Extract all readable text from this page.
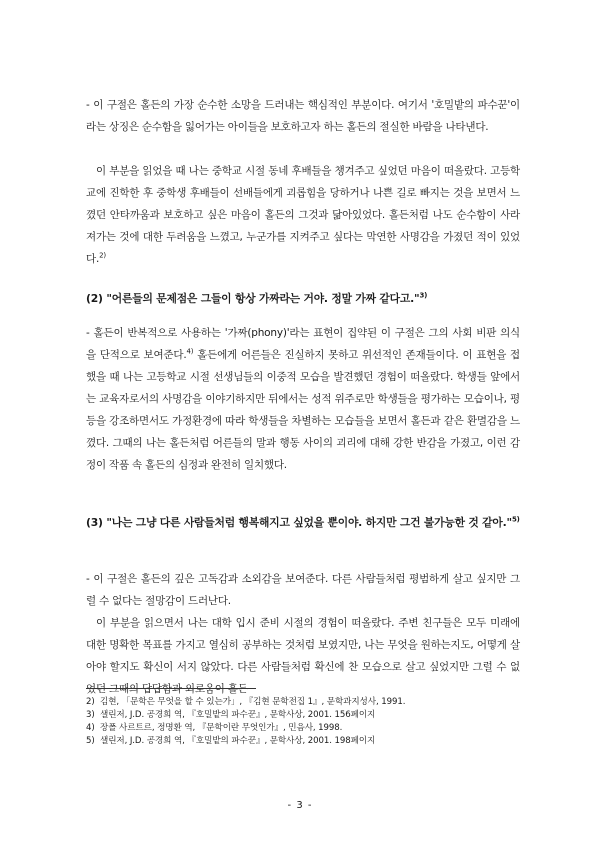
- 이 구절은 홀든의 가장 순수한 소망을 드러내는 핵심적인 부분이다. 여기서 '호밀밭의 파수꾼'이라는 상징은 순수함을 잃어가는 아이들을 보호하고자 하는 홀든의 절실한 바람을 나타낸다.

이 부분을 읽었을 때 나는 중학교 시절 동네 후배들을 챙겨주고 싶었던 마음이 떠올랐다. 고등학교에 진학한 후 중학생 후배들이 선배들에게 괴롭힘을 당하거나 나쁜 길로 빠지는 것을 보면서 느꼈던 안타까움과 보호하고 싶은 마음이 홀든의 그것과 닮아있었다. 홀든처럼 나도 순수함이 사라져가는 것에 대한 두려움을 느꼈고, 누군가를 지켜주고 싶다는 막연한 사명감을 가졌던 적이 있었다.$^{2)}$

(2) "어른들의 문제점은 그들이 항상 가짜라는 거야. 정말 가짜 같다고."$^{3)}$

- 홀든이 반복적으로 사용하는 '가짜(phony)'라는 표현이 집약된 이 구절은 그의 사회 비판 의식을 단적으로 보여준다.$^{4)}$ 홀든에게 어른들은 진실하지 못하고 위선적인 존재들이다. 이 표현을 접했을 때 나는 고등학교 시절 선생님들의 이중적 모습을 발견했던 경험이 떠올랐다. 학생들 앞에서는 교육자로서의 사명감을 이야기하지만 뒤에서는 성적 위주로만 학생들을 평가하는 모습이나, 평등을 강조하면서도 가정환경에 따라 학생들을 차별하는 모습들을 보면서 홀든과 같은 환멸감을 느꼈다. 그때의 나는 홀든처럼 어른들의 말과 행동 사이의 괴리에 대해 강한 반감을 가졌고, 이런 감정이 작품 속 홀든의 심정과 완전히 일치했다.

(3) "나는 그냥 다른 사람들처럼 행복해지고 싶었을 뿐이야. 하지만 그건 불가능한 것 같아."$^{5)}$

- 이 구절은 홀든의 깊은 고독감과 소외감을 보여준다. 다른 사람들처럼 평범하게 살고 싶지만 그럴 수 없다는 절망감이 드러난다.

이 부분을 읽으면서 나는 대학 입시 준비 시절의 경험이 떠올랐다. 주변 친구들은 모두 미래에 대한 명확한 목표를 가지고 열심히 공부하는 것처럼 보였지만, 나는 무엇을 원하는지도, 어떻게 살아야 할지도 확신이 서지 않았다. 다른 사람들처럼 확신에 찬 모습으로 살고 싶었지만 그럴 수 없었던 그때의 답답함과 외로움이 홀든

2) 김현, 「문학은 무엇을 할 수 있는가」, 『김현 문학전집 1』, 문학과지성사, 1991.
3) 샐린저, J.D. 공경희 역, 『호밀밭의 파수꾼』, 문학사상, 2001. 156페이지
4) 장폴 사르트르, 정명환 역, 『문학이란 무엇인가』, 민음사, 1998.
5) 샐린저, J.D. 공경희 역, 『호밀밭의 파수꾼』, 문학사상, 2001. 198페이지
- 3 -
